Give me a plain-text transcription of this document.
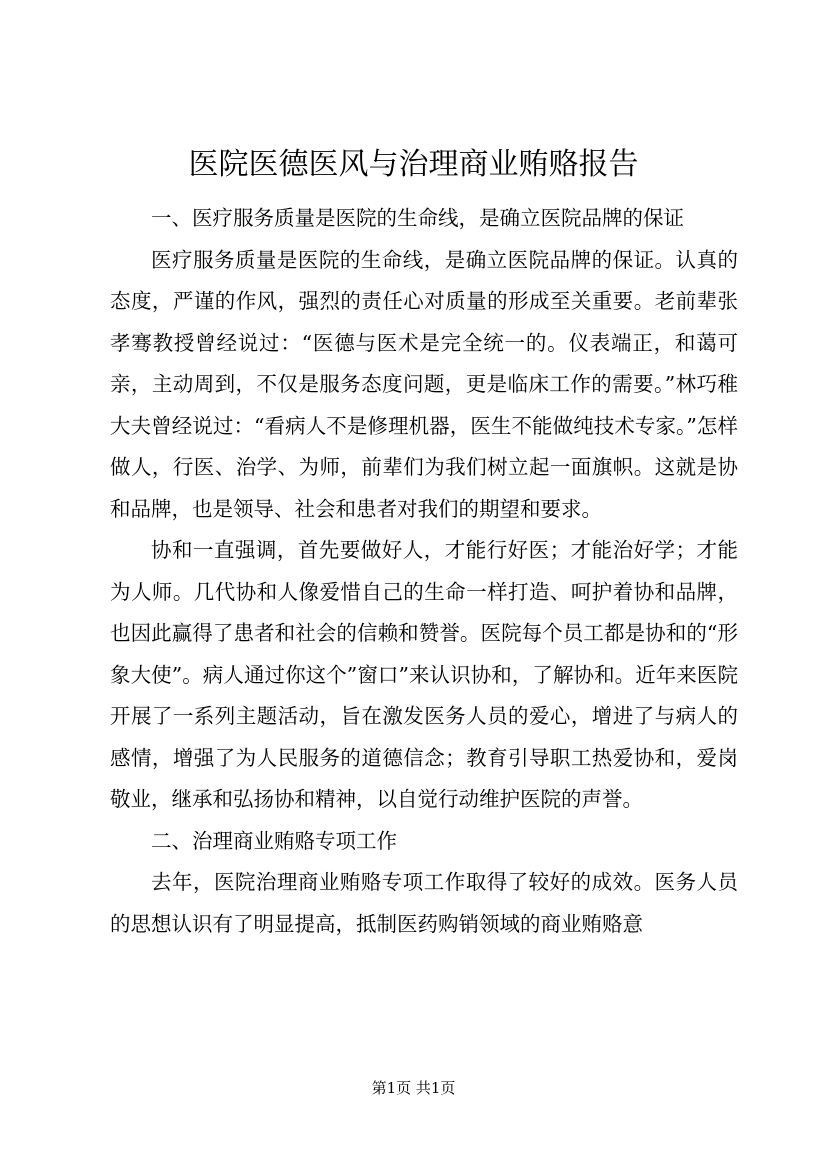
医院医德医风与治理商业贿赂报告
一、医疗服务质量是医院的生命线，是确立医院品牌的保证

医疗服务质量是医院的生命线，是确立医院品牌的保证。认真的态度，严谨的作风，强烈的责任心对质量的形成至关重要。老前辈张孝骞教授曾经说过：“医德与医术是完全统一的。仪表端正，和蔼可亲，主动周到，不仅是服务态度问题，更是临床工作的需要。”林巧稚大夫曾经说过：“看病人不是修理机器，医生不能做纯技术专家。”怎样做人，行医、治学、为师，前辈们为我们树立起一面旗帜。这就是协和品牌，也是领导、社会和患者对我们的期望和要求。

协和一直强调，首先要做好人，才能行好医；才能治好学；才能为人师。几代协和人像爱惜自己的生命一样打造、呵护着协和品牌，也因此赢得了患者和社会的信赖和赞誉。医院每个员工都是协和的“形象大使”。病人通过你这个”窗口”来认识协和，了解协和。近年来医院开展了一系列主题活动，旨在激发医务人员的爱心，增进了与病人的感情，增强了为人民服务的道德信念；教育引导职工热爱协和，爱岗敬业，继承和弘扬协和精神，以自觉行动维护医院的声誉。

二、治理商业贿赂专项工作

去年，医院治理商业贿赂专项工作取得了较好的成效。医务人员的思想认识有了明显提高，抵制医药购销领域的商业贿赂意

第1页 共1页
